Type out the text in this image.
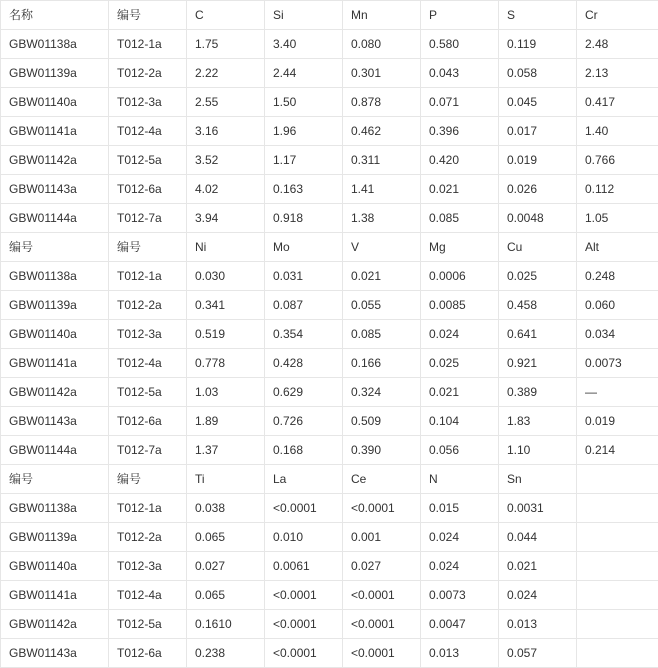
名称	编号	C	Si	Mn	P	S	Cr
GBW01138a	T012-1a	1.75	3.40	0.080	0.580	0.119	2.48
GBW01139a	T012-2a	2.22	2.44	0.301	0.043	0.058	2.13
GBW01140a	T012-3a	2.55	1.50	0.878	0.071	0.045	0.417
GBW01141a	T012-4a	3.16	1.96	0.462	0.396	0.017	1.40
GBW01142a	T012-5a	3.52	1.17	0.311	0.420	0.019	0.766
GBW01143a	T012-6a	4.02	0.163	1.41	0.021	0.026	0.112
GBW01144a	T012-7a	3.94	0.918	1.38	0.085	0.0048	1.05
编号	编号	Ni	Mo	V	Mg	Cu	Alt
GBW01138a	T012-1a	0.030	0.031	0.021	0.0006	0.025	0.248
GBW01139a	T012-2a	0.341	0.087	0.055	0.0085	0.458	0.060
GBW01140a	T012-3a	0.519	0.354	0.085	0.024	0.641	0.034
GBW01141a	T012-4a	0.778	0.428	0.166	0.025	0.921	0.0073
GBW01142a	T012-5a	1.03	0.629	0.324	0.021	0.389	—
GBW01143a	T012-6a	1.89	0.726	0.509	0.104	1.83	0.019
GBW01144a	T012-7a	1.37	0.168	0.390	0.056	1.10	0.214
编号	编号	Ti	La	Ce	N	Sn	
GBW01138a	T012-1a	0.038	<0.0001	<0.0001	0.015	0.0031	
GBW01139a	T012-2a	0.065	0.010	0.001	0.024	0.044	
GBW01140a	T012-3a	0.027	0.0061	0.027	0.024	0.021	
GBW01141a	T012-4a	0.065	<0.0001	<0.0001	0.0073	0.024	
GBW01142a	T012-5a	0.1610	<0.0001	<0.0001	0.0047	0.013	
GBW01143a	T012-6a	0.238	<0.0001	<0.0001	0.013	0.057	
